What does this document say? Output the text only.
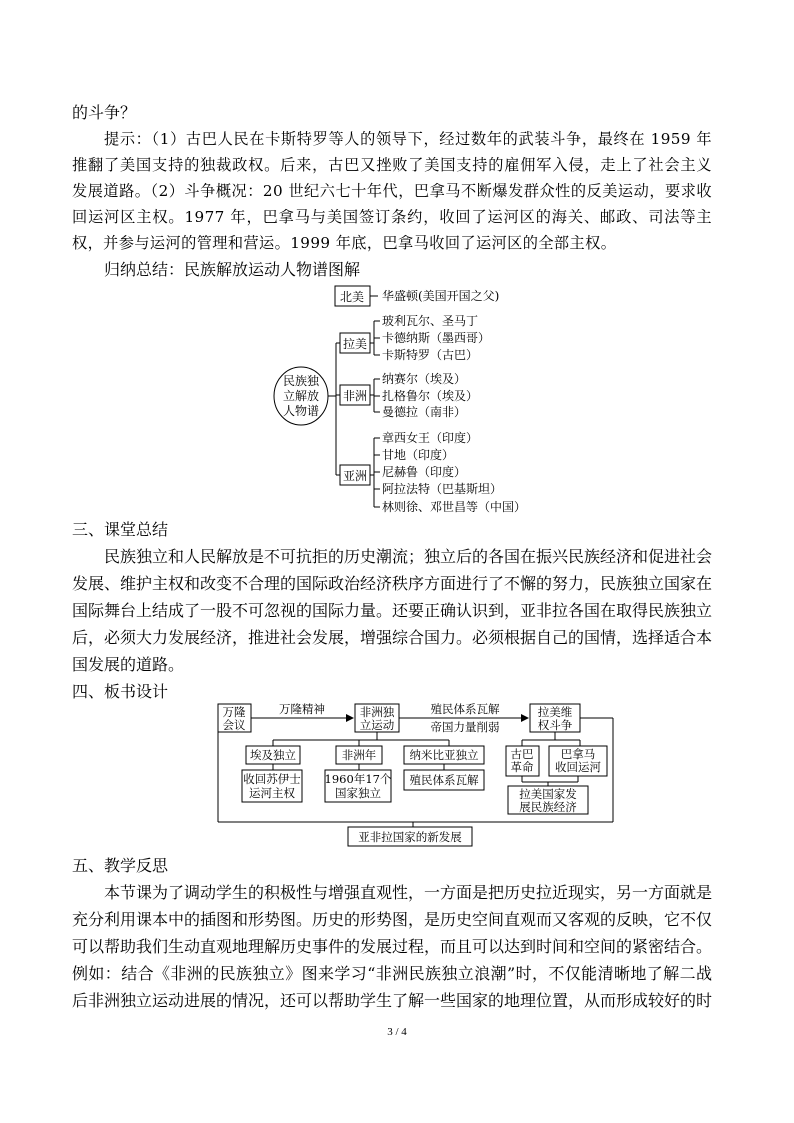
的斗争？
提示：（1）古巴人民在卡斯特罗等人的领导下，经过数年的武装斗争，最终在 1959 年
推翻了美国支持的独裁政权。后来，古巴又挫败了美国支持的雇佣军入侵，走上了社会主义
发展道路。（2）斗争概况：20 世纪六七十年代，巴拿马不断爆发群众性的反美运动，要求收
回运河区主权。1977 年，巴拿马与美国签订条约，收回了运河区的海关、邮政、司法等主
权，并参与运河的管理和营运。1999 年底，巴拿马收回了运河区的全部主权。
归纳总结：民族解放运动人物谱图解
民族独
立解放
人物谱
北美
拉美
非洲
亚洲
华盛顿(美国开国之父)
玻利瓦尔、圣马丁
卡德纳斯（墨西哥）
卡斯特罗（古巴）
纳赛尔（埃及）
扎格鲁尔（埃及）
曼德拉（南非）
章西女王（印度）
甘地（印度）
尼赫鲁（印度）
阿拉法特（巴基斯坦）
林则徐、邓世昌等（中国）
三、课堂总结
民族独立和人民解放是不可抗拒的历史潮流；独立后的各国在振兴民族经济和促进社会
发展、维护主权和改变不合理的国际政治经济秩序方面进行了不懈的努力，民族独立国家在
国际舞台上结成了一股不可忽视的国际力量。还要正确认识到，亚非拉各国在取得民族独立
后，必须大力发展经济，推进社会发展，增强综合国力。必须根据自己的国情，选择适合本
国发展的道路。
四、板书设计
万隆
会议
万隆精神	非洲独
立运动
殖民体系瓦解
帝国力量削弱
拉美维
权斗争
埃及独立	非洲年	纳米比亚独立	古巴
革命
巴拿马
收回运河
收回苏伊士
运河主权
1960年17个
国家独立
殖民体系瓦解
拉美国家发
展民族经济
亚非拉国家的新发展
五、教学反思
本节课为了调动学生的积极性与增强直观性，一方面是把历史拉近现实，另一方面就是
充分利用课本中的插图和形势图。历史的形势图，是历史空间直观而又客观的反映，它不仅
可以帮助我们生动直观地理解历史事件的发展过程，而且可以达到时间和空间的紧密结合。
例如：结合《非洲的民族独立》图来学习“非洲民族独立浪潮”时，不仅能清晰地了解二战
后非洲独立运动进展的情况，还可以帮助学生了解一些国家的地理位置，从而形成较好的时
3 / 4
